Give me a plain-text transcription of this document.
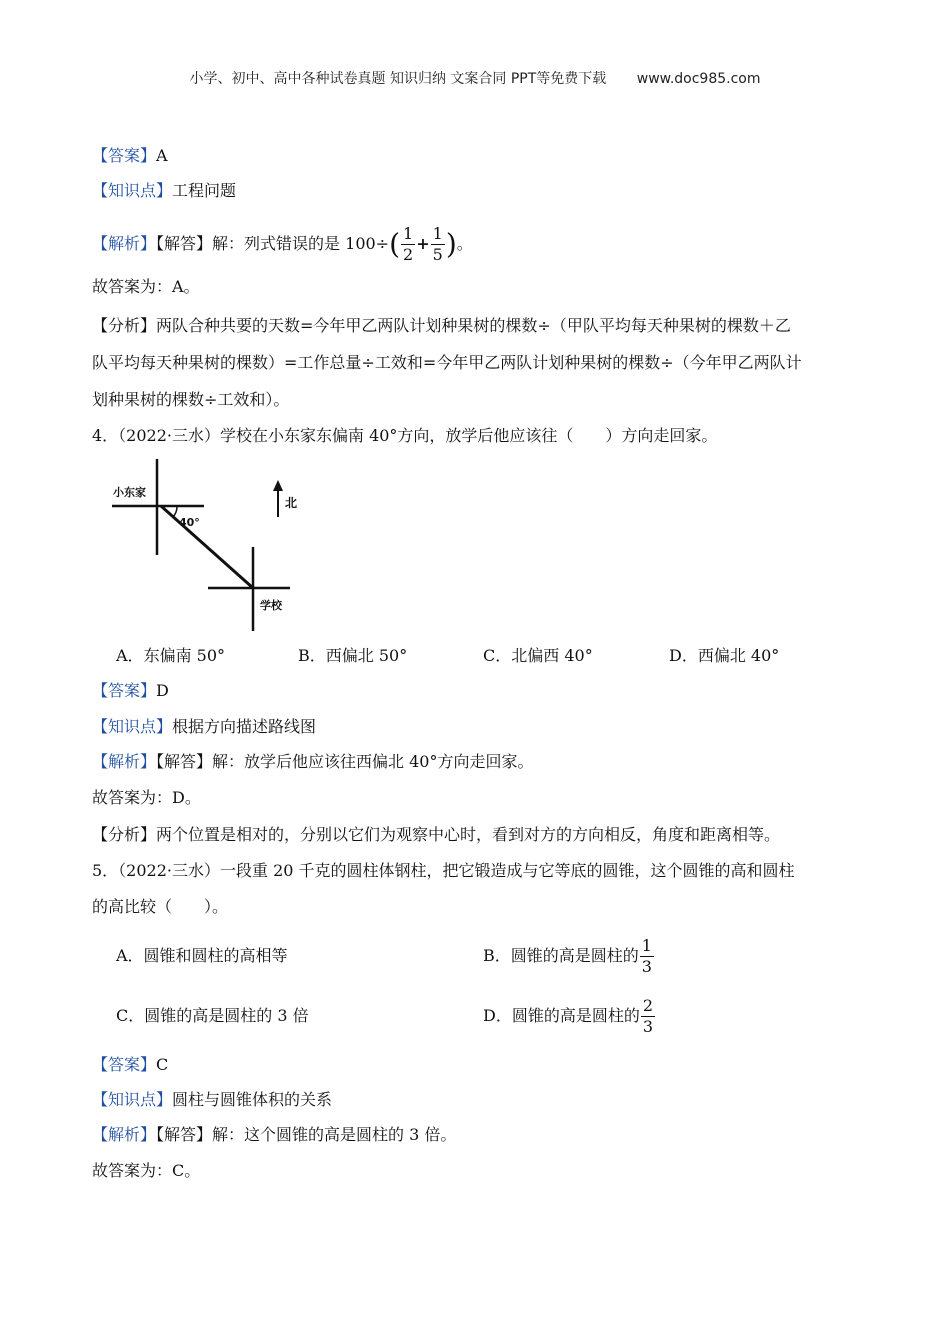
小学、初中、高中各种试卷真题 知识归纳 文案合同 PPT等免费下载 www.doc985.com
【答案】A
【知识点】工程问题
【解析】【解答】解：列式错误的是 $100\div( \frac{1}{2} + \frac{1}{5}$ )。
故答案为：A。
【分析】两队合种共要的天数=今年甲乙两队计划种果树的棵数÷（甲队平均每天种果树的棵数＋乙
队平均每天种果树的棵数）=工作总量÷工效和=今年甲乙两队计划种果树的棵数÷（今年甲乙两队计
划种果树的棵数÷工效和）。
4．（2022·三水）学校在小东家东偏南 40°方向，放学后他应该往（　　）方向走回家。
北
小东家
40°
学校
A．东偏南 50°	B．西偏北 50°	C．北偏西 40°	D．西偏北 40°
【答案】D
【知识点】根据方向描述路线图
【解析】【解答】解：放学后他应该往西偏北 40°方向走回家。
故答案为：D。
【分析】两个位置是相对的，分别以它们为观察中心时，看到对方的方向相反，角度和距离相等。
5．（2022·三水）一段重 20 千克的圆柱体钢柱，把它锻造成与它等底的圆锥，这个圆锥的高和圆柱
的高比较（　　）。
A．圆锥和圆柱的高相等	B．圆锥的高是圆柱的 $\frac{1}{3}$
C．圆锥的高是圆柱的 3 倍	D．圆锥的高是圆柱的 $\frac{2}{3}$
【答案】C
【知识点】圆柱与圆锥体积的关系
【解析】【解答】解：这个圆锥的高是圆柱的 3 倍。
故答案为：C。
